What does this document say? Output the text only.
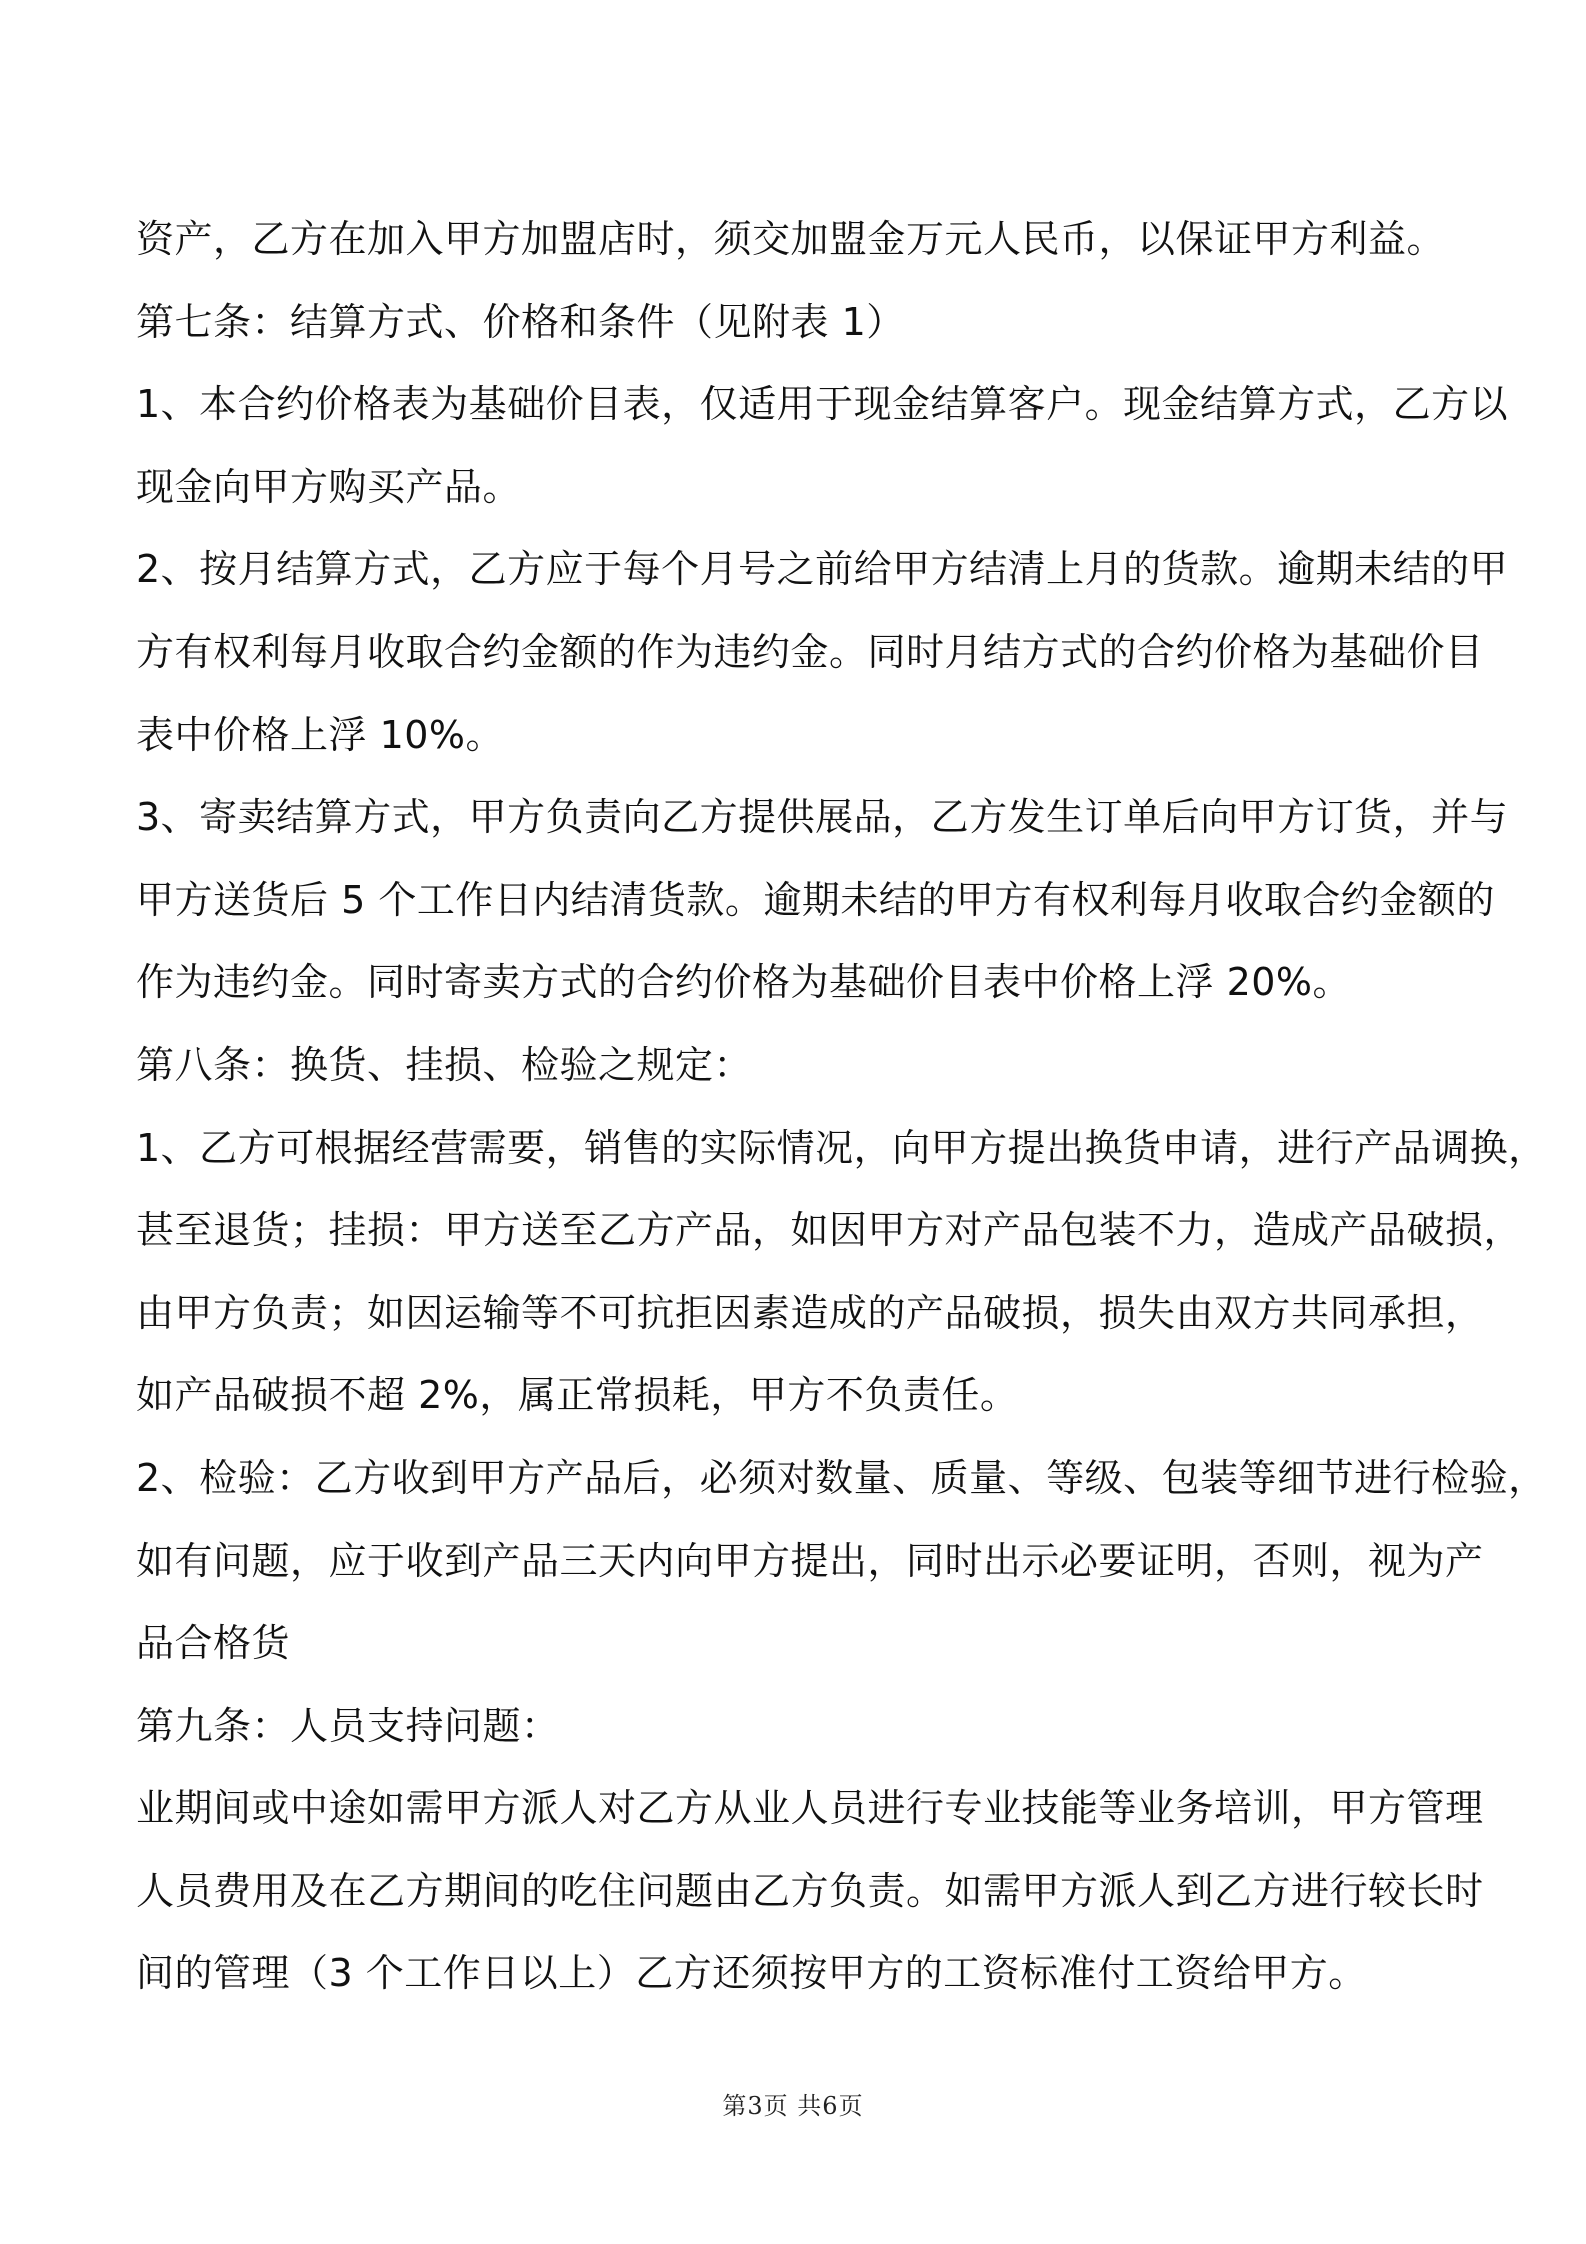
资产，乙方在加入甲方加盟店时，须交加盟金万元人民币，以保证甲方利益。
第七条：结算方式、价格和条件（见附表 1）
1、本合约价格表为基础价目表，仅适用于现金结算客户。现金结算方式，乙方以
现金向甲方购买产品。
2、按月结算方式，乙方应于每个月号之前给甲方结清上月的货款。逾期未结的甲
方有权利每月收取合约金额的作为违约金。同时月结方式的合约价格为基础价目
表中价格上浮 10%。
3、寄卖结算方式，甲方负责向乙方提供展品，乙方发生订单后向甲方订货，并与
甲方送货后 5 个工作日内结清货款。逾期未结的甲方有权利每月收取合约金额的
作为违约金。同时寄卖方式的合约价格为基础价目表中价格上浮 20%。
第八条：换货、挂损、检验之规定：
1、乙方可根据经营需要，销售的实际情况，向甲方提出换货申请，进行产品调换，
甚至退货；挂损：甲方送至乙方产品，如因甲方对产品包装不力，造成产品破损，
由甲方负责；如因运输等不可抗拒因素造成的产品破损，损失由双方共同承担，
如产品破损不超 2%，属正常损耗，甲方不负责任。
2、检验：乙方收到甲方产品后，必须对数量、质量、等级、包装等细节进行检验，
如有问题，应于收到产品三天内向甲方提出，同时出示必要证明，否则，视为产
品合格货
第九条：人员支持问题：
业期间或中途如需甲方派人对乙方从业人员进行专业技能等业务培训，甲方管理
人员费用及在乙方期间的吃住问题由乙方负责。如需甲方派人到乙方进行较长时
间的管理（3 个工作日以上）乙方还须按甲方的工资标准付工资给甲方。
第3页 共6页
